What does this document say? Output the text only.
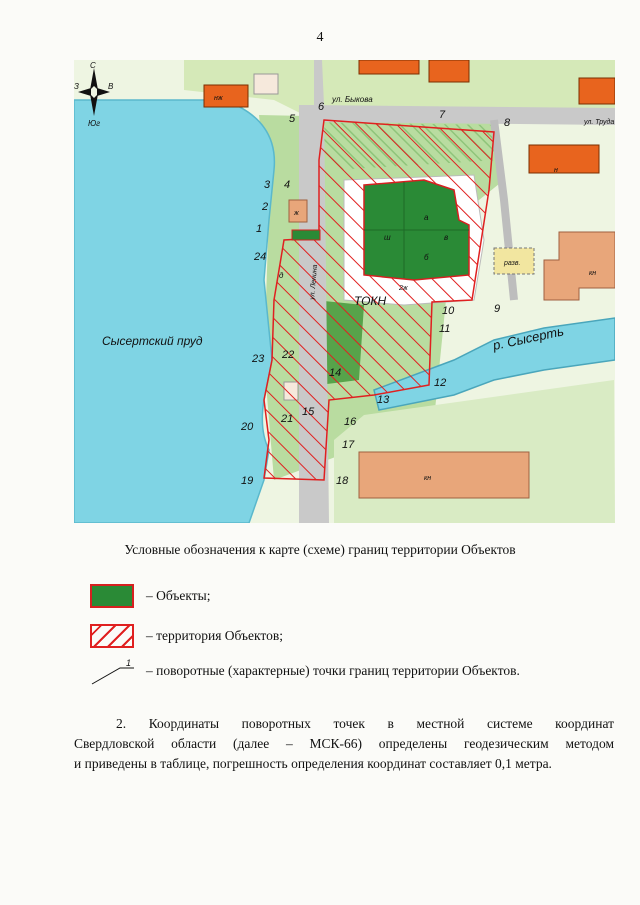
4
C
Юг
З	В
Сысертский пруд	р. Сысерть
ул. Быкова
ул. Ленина
ул. Труда
ТОКН
разв.
нж
кн
кн
а
б
д
в
ш
н
ж
2ж
1
2
3 4
5
6
7
8
9
10
11
12
13
14
15
16
17
18
19
20
21
22
23
24
Условные обозначения к карте (схеме) границ территории Объектов
– Объекты;
– территория Объектов;
1 – поворотные (характерные) точки границ территории Объектов.
2. Координаты поворотных точек в местной системе координат
Свердловской области (далее – МСК-66) определены геодезическим методом
и приведены в таблице, погрешность определения координат составляет 0,1 метра.
